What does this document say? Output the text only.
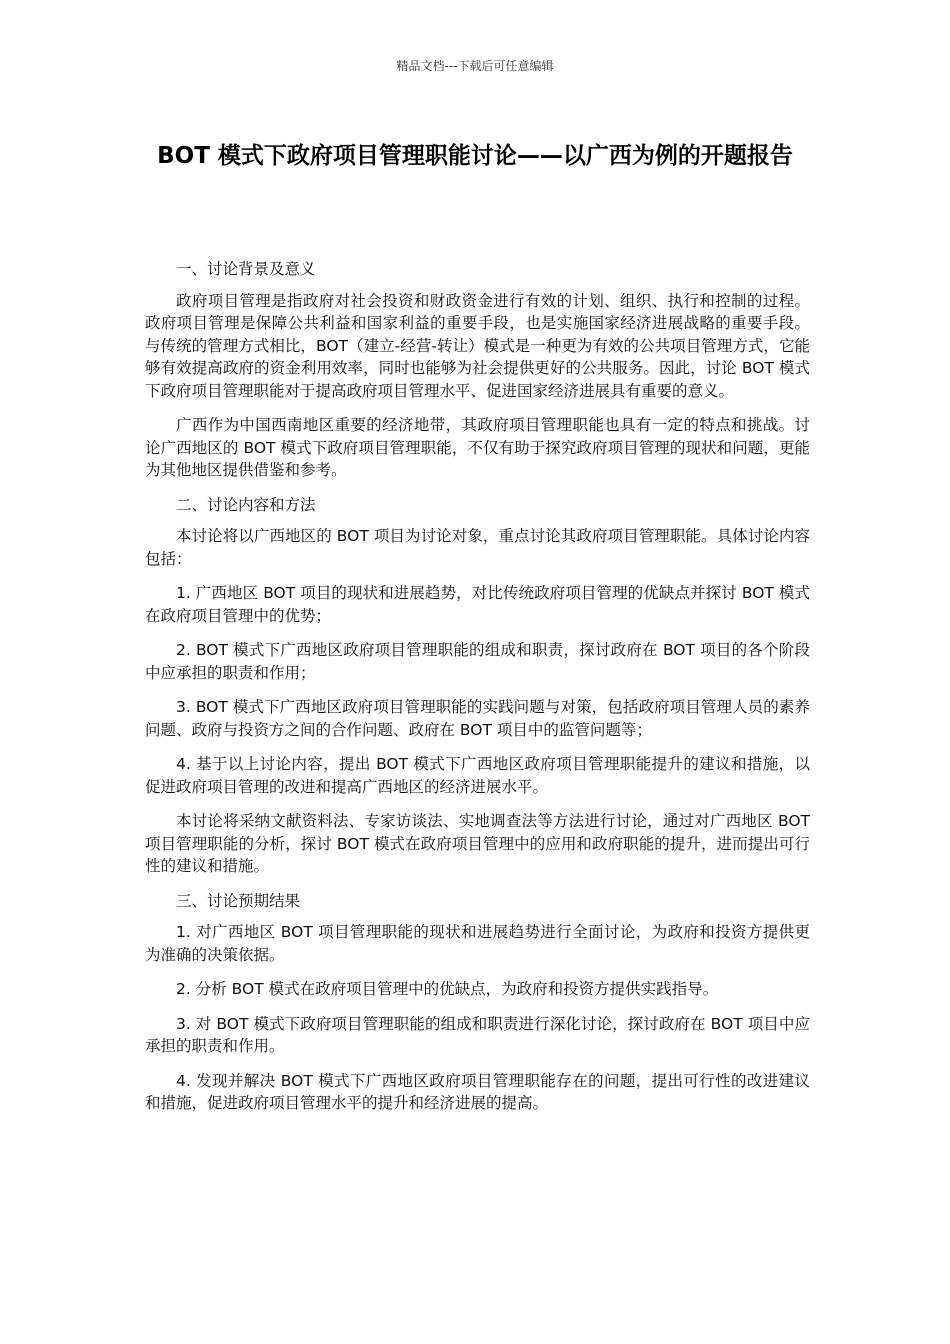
精品文档---下载后可任意编辑
BOT 模式下政府项目管理职能讨论——以广西为例的开题报告

一、讨论背景及意义

政府项目管理是指政府对社会投资和财政资金进行有效的计划、组织、执行和控制的过程。政府项目管理是保障公共利益和国家利益的重要手段，也是实施国家经济进展战略的重要手段。与传统的管理方式相比，BOT（建立-经营-转让）模式是一种更为有效的公共项目管理方式，它能够有效提高政府的资金利用效率，同时也能够为社会提供更好的公共服务。因此，讨论 BOT 模式下政府项目管理职能对于提高政府项目管理水平、促进国家经济进展具有重要的意义。

广西作为中国西南地区重要的经济地带，其政府项目管理职能也具有一定的特点和挑战。讨论广西地区的 BOT 模式下政府项目管理职能，不仅有助于探究政府项目管理的现状和问题，更能为其他地区提供借鉴和参考。

二、讨论内容和方法

本讨论将以广西地区的 BOT 项目为讨论对象，重点讨论其政府项目管理职能。具体讨论内容包括：

1. 广西地区 BOT 项目的现状和进展趋势，对比传统政府项目管理的优缺点并探讨 BOT 模式在政府项目管理中的优势；

2. BOT 模式下广西地区政府项目管理职能的组成和职责，探讨政府在 BOT 项目的各个阶段中应承担的职责和作用；

3. BOT 模式下广西地区政府项目管理职能的实践问题与对策，包括政府项目管理人员的素养问题、政府与投资方之间的合作问题、政府在 BOT 项目中的监管问题等；

4. 基于以上讨论内容，提出 BOT 模式下广西地区政府项目管理职能提升的建议和措施，以促进政府项目管理的改进和提高广西地区的经济进展水平。

本讨论将采纳文献资料法、专家访谈法、实地调查法等方法进行讨论，通过对广西地区 BOT 项目管理职能的分析，探讨 BOT 模式在政府项目管理中的应用和政府职能的提升，进而提出可行性的建议和措施。

三、讨论预期结果

1. 对广西地区 BOT 项目管理职能的现状和进展趋势进行全面讨论，为政府和投资方提供更为准确的决策依据。

2. 分析 BOT 模式在政府项目管理中的优缺点，为政府和投资方提供实践指导。

3. 对 BOT 模式下政府项目管理职能的组成和职责进行深化讨论，探讨政府在 BOT 项目中应承担的职责和作用。

4. 发现并解决 BOT 模式下广西地区政府项目管理职能存在的问题，提出可行性的改进建议和措施，促进政府项目管理水平的提升和经济进展的提高。
